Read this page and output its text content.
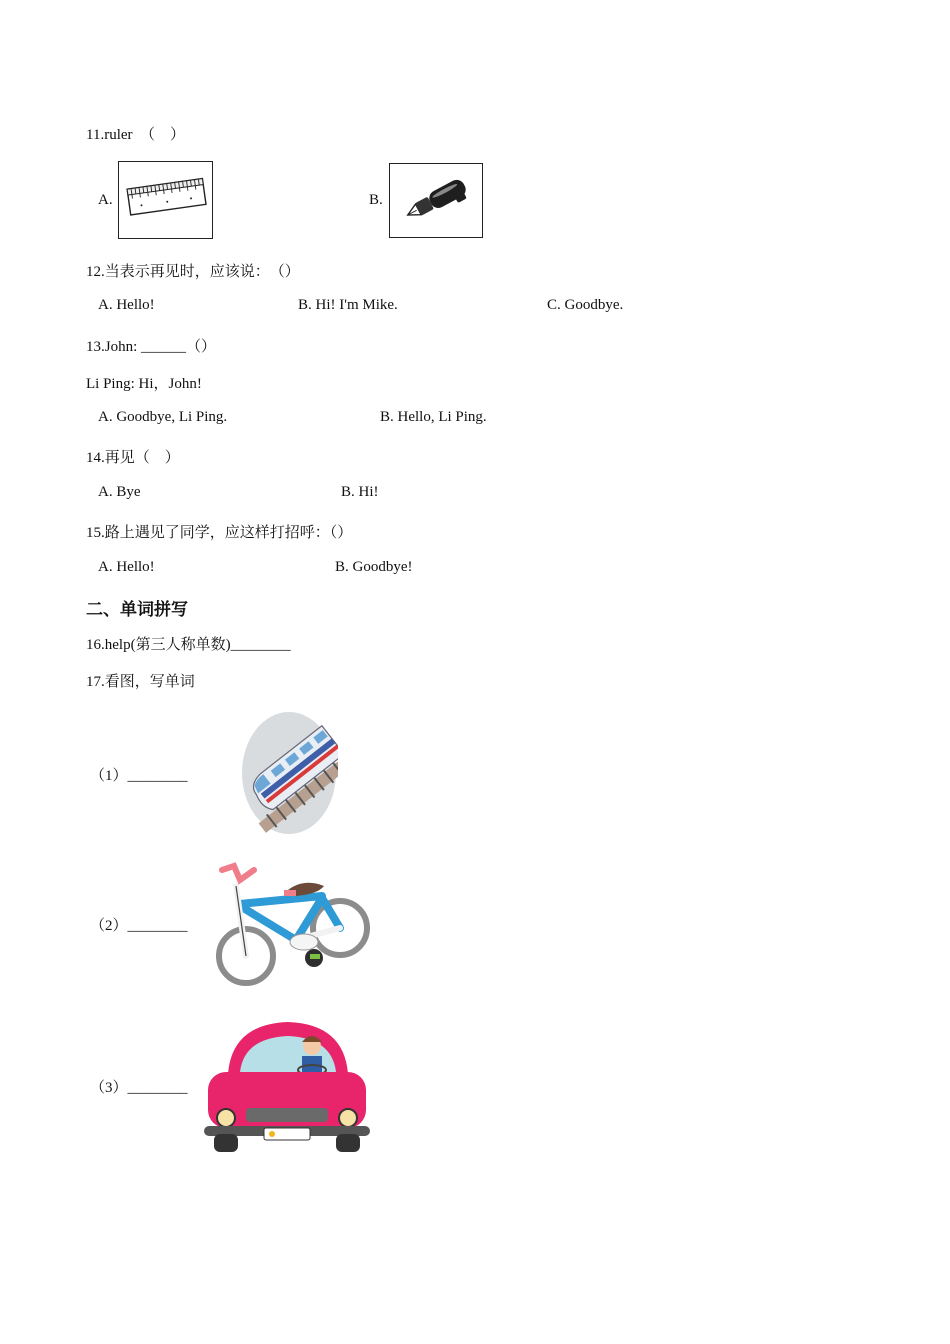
11.ruler　（　）
A.	B.
12.当表示再见时，应该说：　（）
A. Hello!	B. Hi! I'm Mike.	C. Goodbye.
13.John: ______（）
Li Ping: Hi，John!
A. Goodbye, Li Ping.	B. Hello, Li Ping.
14.再见（　）
A. Bye	B. Hi!
15.路上遇见了同学，应这样打招呼：（）
A. Hello!	B. Goodbye!
二、单词拼写
16.help(第三人称单数)________
17.看图，写单词
（1）________
（2）________
（3）________
